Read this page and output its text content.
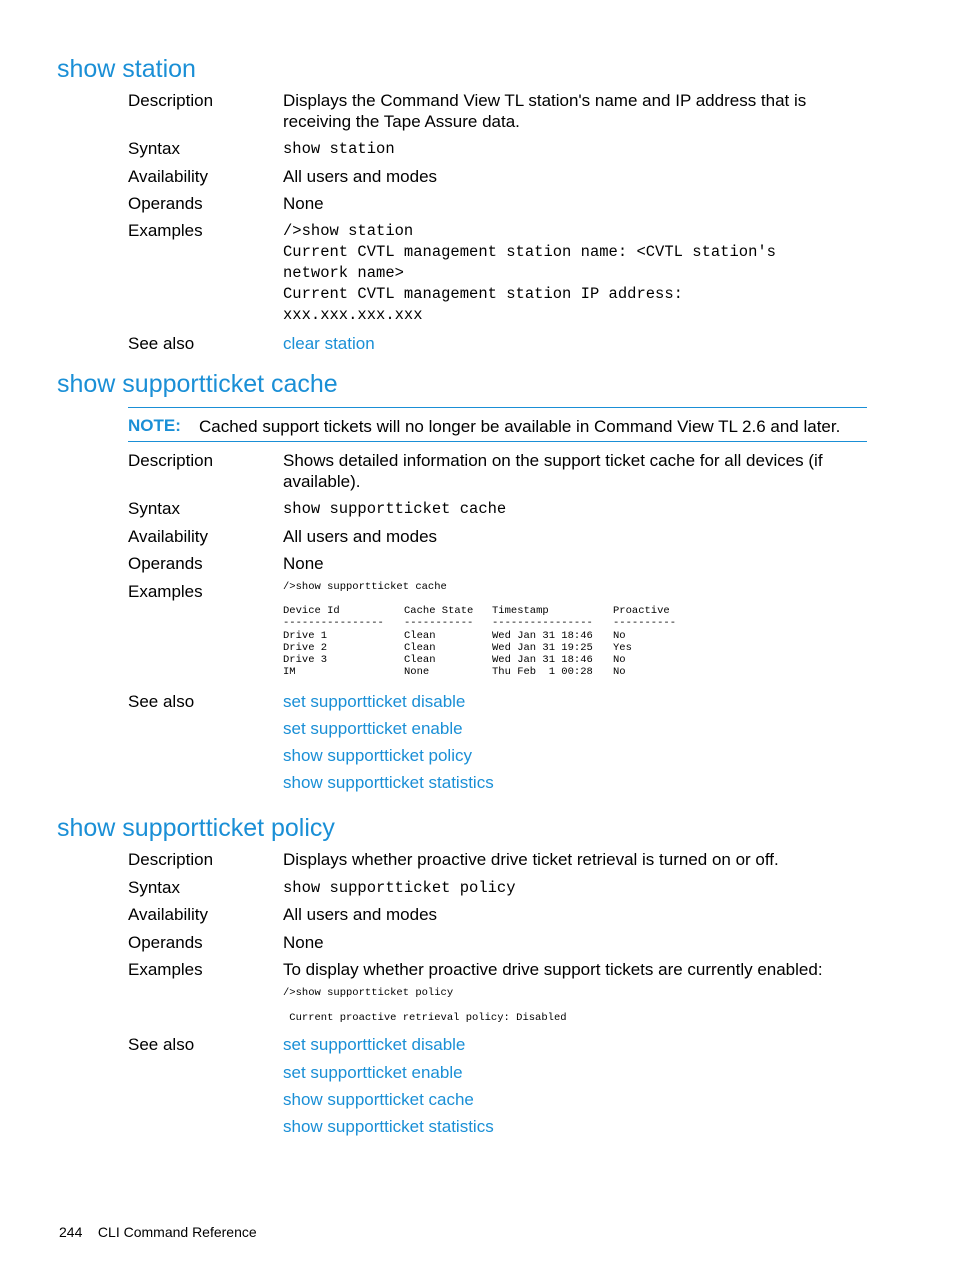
show station
Description	Displays the Command View TL station's name and IP address that is receiving the Tape Assure data.
Syntax	show station
Availability	All users and modes
Operands	None
Examples	/>show station
Current CVTL management station name: <CVTL station's
network name>
Current CVTL management station IP address:
xxx.xxx.xxx.xxx
See also	clear station
show supportticket cache
NOTE: Cached support tickets will no longer be available in Command View TL 2.6 and later.
Description	Shows detailed information on the support ticket cache for all devices (if available).
Syntax	show supportticket cache
Availability	All users and modes
Operands	None
Examples	/>show supportticket cache
Device Id	Cache State	Timestamp	Proactive
----------------	-----------	----------------	----------
Drive 1	Clean	Wed Jan 31 18:46	No
Drive 2	Clean	Wed Jan 31 19:25	Yes
Drive 3	Clean	Wed Jan 31 18:46	No
IM	None	Thu Feb  1 00:28	No
See also	set supportticket disable
set supportticket enable
show supportticket policy
show supportticket statistics
show supportticket policy
Description	Displays whether proactive drive ticket retrieval is turned on or off.
Syntax	show supportticket policy
Availability	All users and modes
Operands	None
Examples	To display whether proactive drive support tickets are currently enabled:
/>show supportticket policy
Current proactive retrieval policy: Disabled
See also	set supportticket disable
set supportticket enable
show supportticket cache
show supportticket statistics
244 CLI Command Reference
